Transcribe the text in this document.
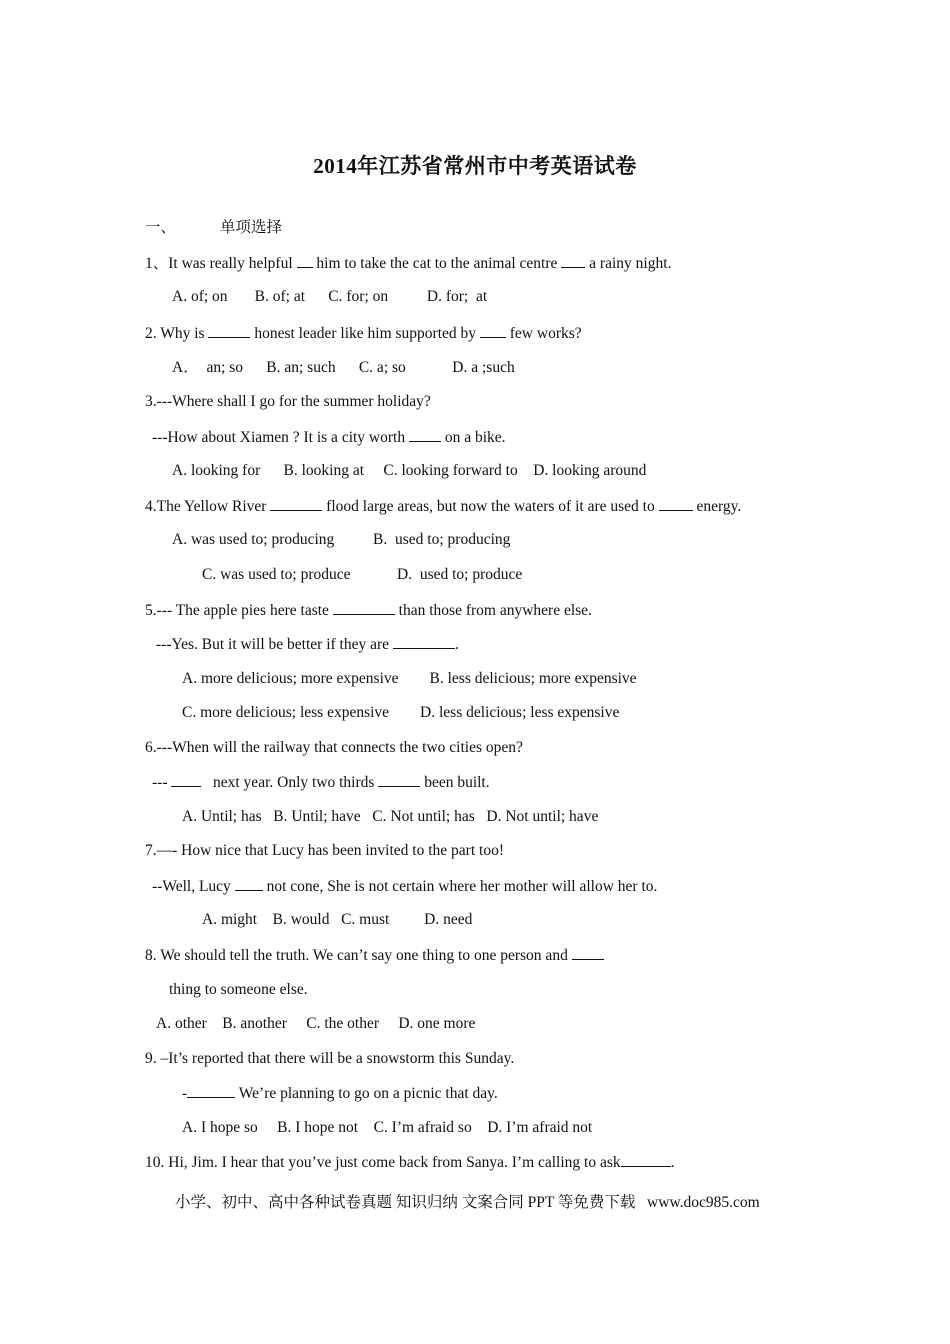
2014年江苏省常州市中考英语试卷
一、	单项选择
1、It was really helpful  him to take the cat to the animal centre  a rainy night.
A. of; on       B. of; at      C. for; on          D. for;  at
2. Why is	honest leader like him supported by  few works?
A．  an; so      B. an; such      C. a; so            D. a ;such
3.---Where shall I go for the summer holiday?
---How about Xiamen ? It is a city worth  on a bike.
A. looking for      B. looking at     C. looking forward to    D. looking around
4.The Yellow River	flood large areas, but now the waters of it are used to  energy.
A. was used to; producing          B.  used to; producing
C. was used to; produce            D.  used to; produce
5.--- The apple pies here taste	than those from anywhere else.
---Yes. But it will be better if they are	.
A. more delicious; more expensive        B. less delicious; more expensive
C. more delicious; less expensive        D. less delicious; less expensive
6.---When will the railway that connects the two cities open?
---    next year. Only two thirds	been built.
A. Until; has   B. Until; have   C. Not until; has   D. Not until; have
7.—- How nice that Lucy has been invited to the part too!
--Well, Lucy  not cone, She is not certain where her mother will allow her to.
A. might    B. would   C. must         D. need
8. We should tell the truth. We can’t say one thing to one person and
thing to someone else.
A. other    B. another     C. the other     D. one more
9. –It’s reported that there will be a snowstorm this Sunday.
-	We’re planning to go on a picnic that day.
A. I hope so     B. I hope not    C. I’m afraid so    D. I’m afraid not
10. Hi, Jim. I hear that you’ve just come back from Sanya. I’m calling to ask	.
小学、初中、高中各种试卷真题 知识归纳 文案合同 PPT 等免费下载   www.doc985.com
